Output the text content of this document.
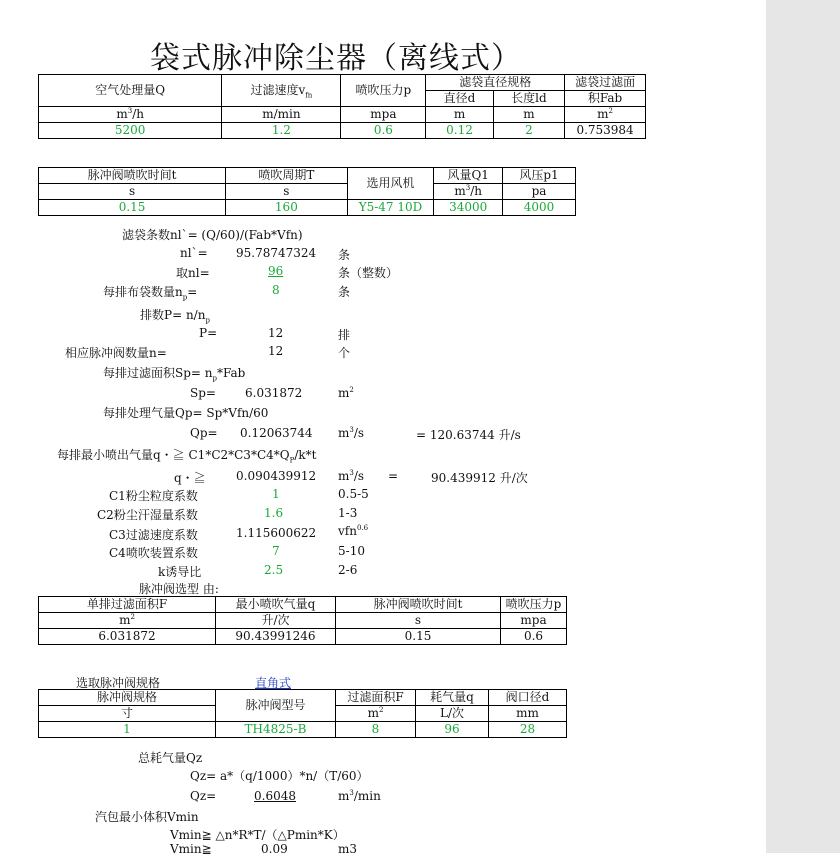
袋式脉冲除尘器（离线式）
空气处理量Q	过滤速度$v_{fn}$	喷吹压力p	滤袋直径规格		滤袋过滤面
			直径d	长度ld	积Fab
$m^3/h$	m/min	mpa	m	m	$m^2$
5200	1.2	0.6	0.12	2	0.753984
脉冲阀喷吹时间t	喷吹周期T	选用风机	风量Q1	风压p1
s	s		$m^3/h$	pa
0.15	160	Y5-47 10D	34000	4000
滤袋条数nl`= (Q/60)/(Fab*Vfn)
nl`= 95.78747324 条
取nl=	96	条（整数）
每排布袋数量$n_p=$	8	条
排数$P= n/n_p$
P=	12	排
相应脉冲阀数量n=	12	个
每排过滤面积$Sp= n_p*Fab$
Sp= 6.031872	$m^2$
每排处理气量Qp= Sp*Vfn/60
Qp= 0.12063744 $m^3/s$	= 120.63744 升/s
每排最小喷出气量q・≧ $C1*C2*C3*C4*Q_P/k*t$
q・≧	0.090439912 $m^3/s$ =	90.439912 升/次
C1粉尘粒度系数	1	0.5-5
C2粉尘汗湿量系数	1.6	1-3
C3过滤速度系数	1.115600622 vfn$^{0.6}$
C4喷吹装置系数	7	5-10
k诱导比	2.5	2-6
脉冲阀选型 由:
单排过滤面积F	最小喷吹气量q	脉冲阀喷吹时间t	喷吹压力p
$m^2$	升/次	s	mpa
6.031872	90.43991246	0.15	0.6
选取脉冲阀规格	直角式
脉冲阀规格	脉冲阀型号	过滤面积F	耗气量q	阀口径d
寸		$m^2$	L/次	mm
1	TH4825-B	8	96	28
总耗气量Qz
Qz= a*（q/1000）*n/（T/60）
Qz=	0.6048	$m^3/\min$
汽包最小体积Vmin
Vmin≧ △n*R*T/（△Pmin*K）
Vmin≧	0.09	m3
